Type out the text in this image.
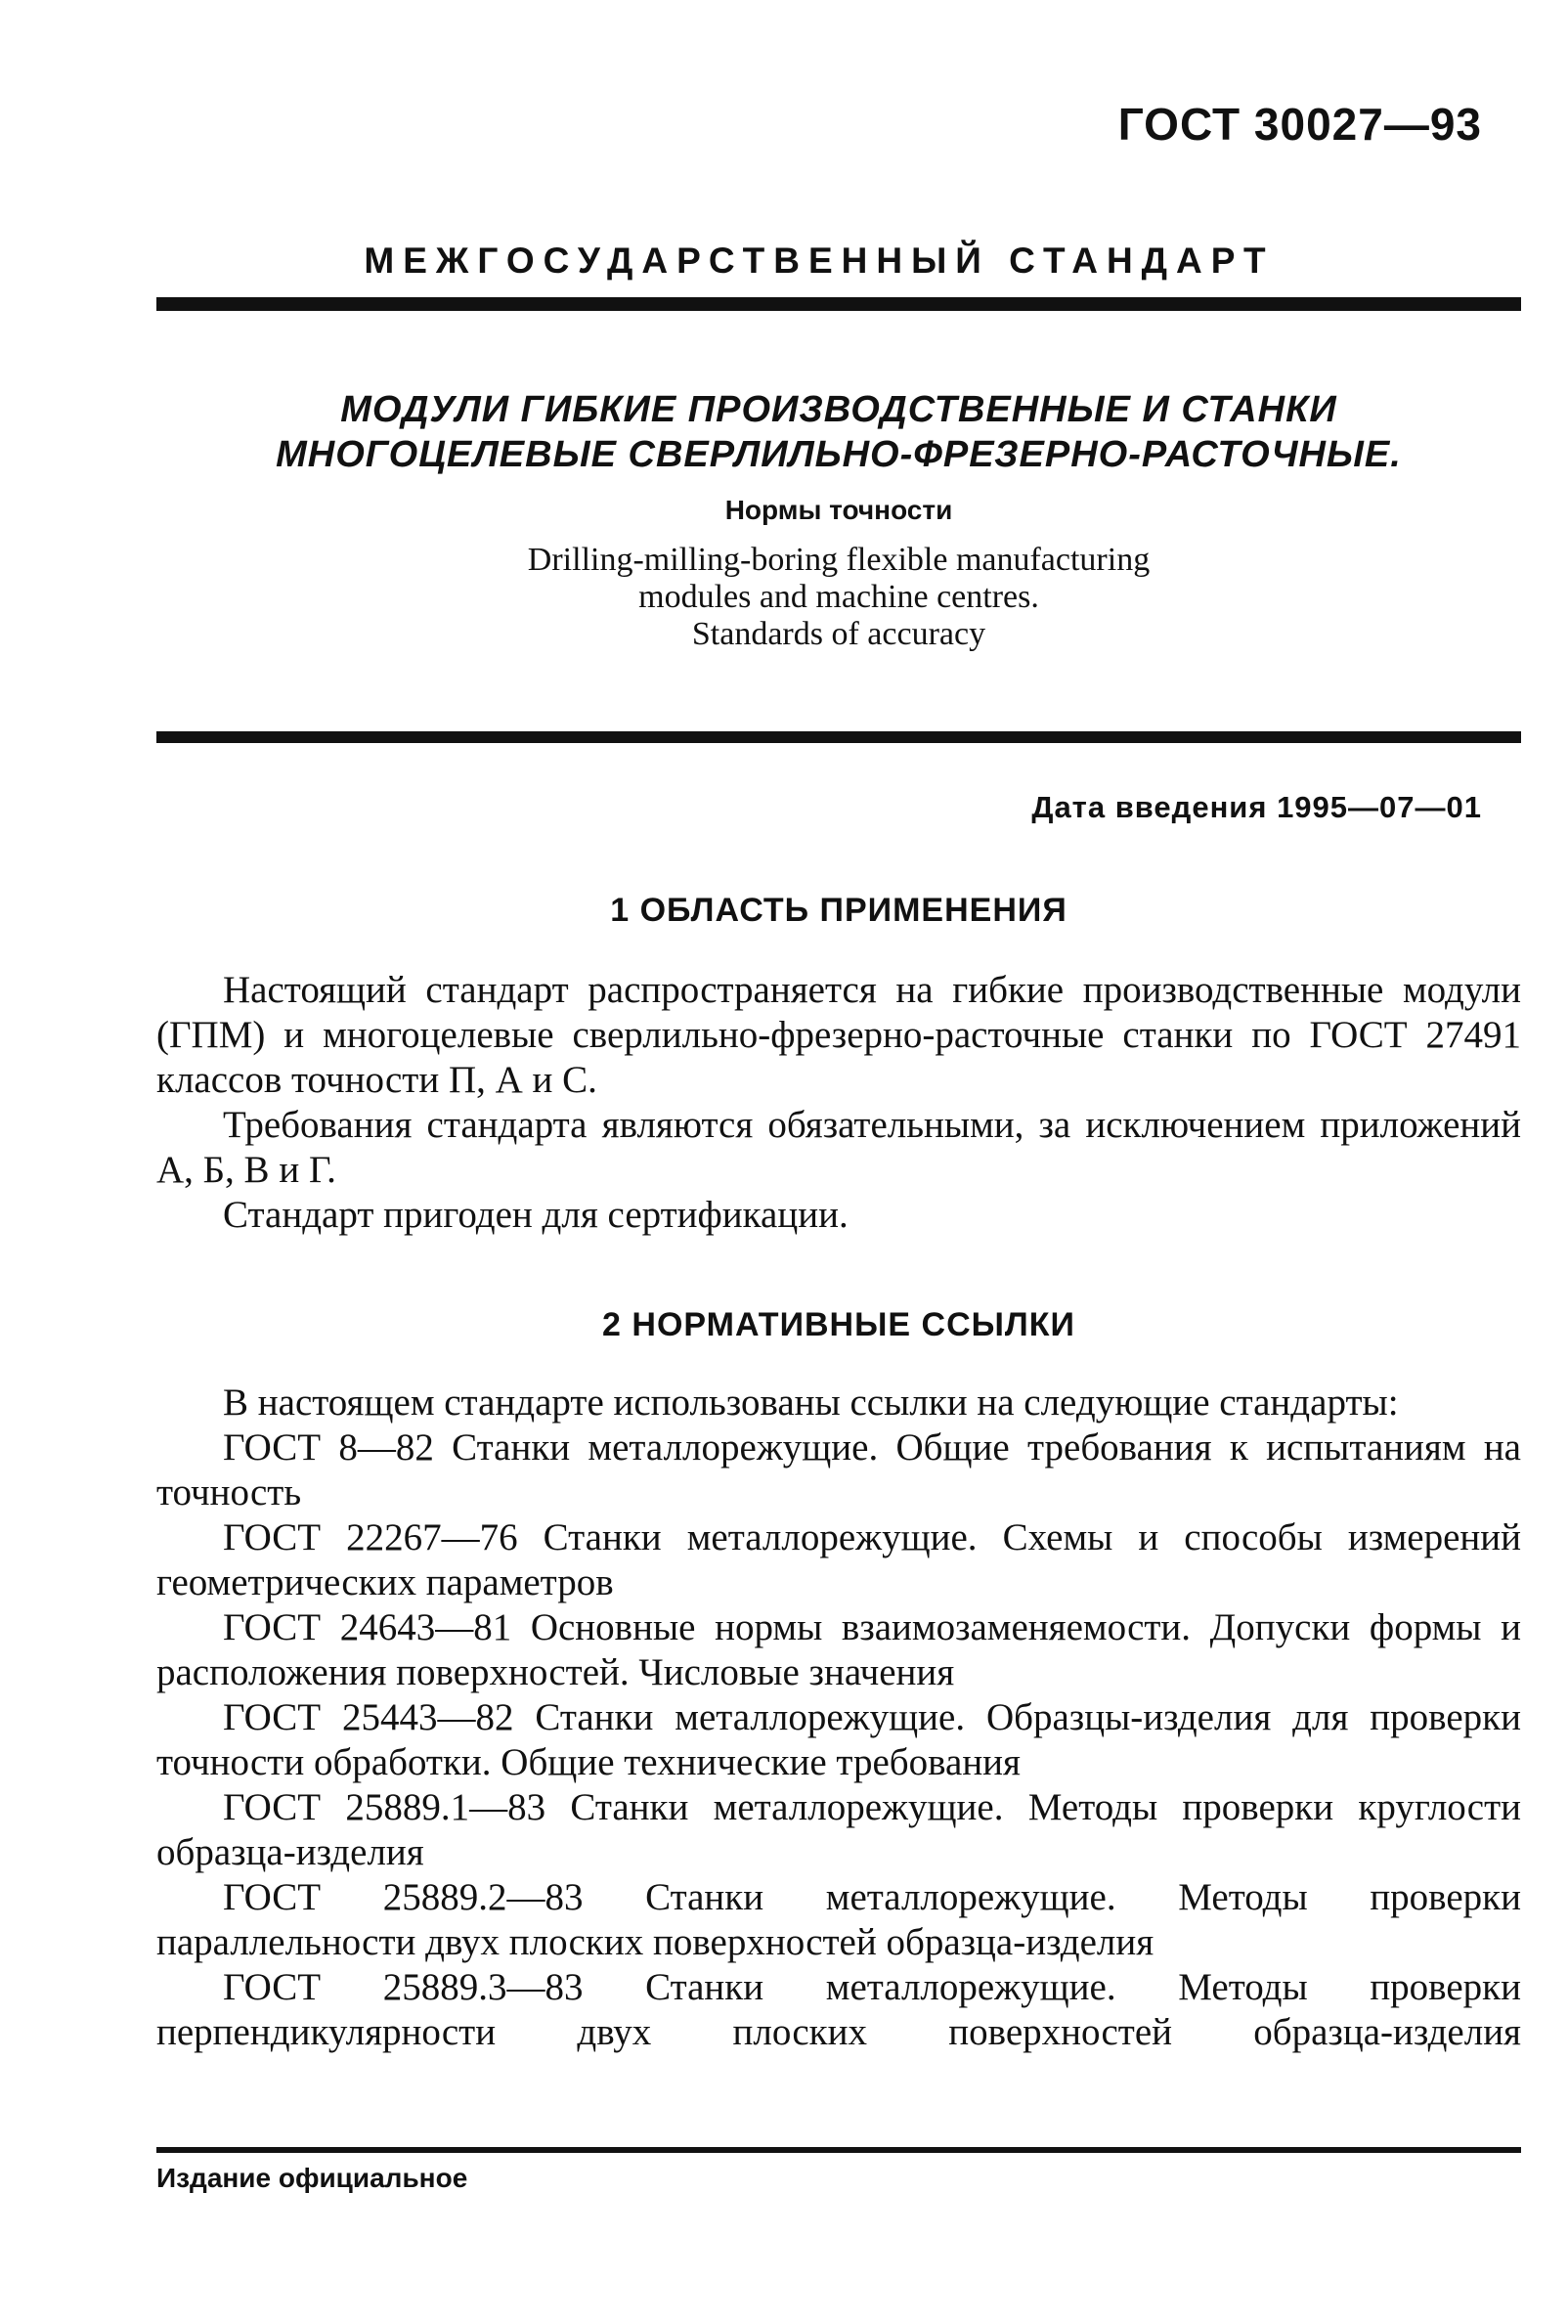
ГОСТ 30027—93
МЕЖГОСУДАРСТВЕННЫЙ СТАНДАРТ
МОДУЛИ ГИБКИЕ ПРОИЗВОДСТВЕННЫЕ И СТАНКИ
МНОГОЦЕЛЕВЫЕ СВЕРЛИЛЬНО-ФРЕЗЕРНО-РАСТОЧНЫЕ.
Нормы точности
Drilling-milling-boring flexible manufacturing
modules and machine centres.
Standards of accuracy
Дата введения 1995—07—01
1 ОБЛАСТЬ ПРИМЕНЕНИЯ

Настоящий стандарт распространяется на гибкие производственные модули (ГПМ) и многоцелевые сверлильно-фрезерно-расточные станки по ГОСТ 27491 классов точности П, А и С.

Требования стандарта являются обязательными, за исключением приложений А, Б, В и Г.

Стандарт пригоден для сертификации.

2 НОРМАТИВНЫЕ ССЫЛКИ

В настоящем стандарте использованы ссылки на следующие стандарты:

ГОСТ 8—82 Станки металлорежущие. Общие требования к испытаниям на точность

ГОСТ 22267—76 Станки металлорежущие. Схемы и способы измерений геометрических параметров

ГОСТ 24643—81 Основные нормы взаимозаменяемости. Допуски формы и расположения поверхностей. Числовые значения

ГОСТ 25443—82 Станки металлорежущие. Образцы-изделия для проверки точности обработки. Общие технические требования

ГОСТ 25889.1—83 Станки металлорежущие. Методы проверки круглости образца-изделия

ГОСТ 25889.2—83 Станки металлорежущие. Методы проверки параллельности двух плоских поверхностей образца-изделия

ГОСТ 25889.3—83 Станки металлорежущие. Методы проверки перпендикулярности двух плоских поверхностей образца-изделия

Издание официальное
